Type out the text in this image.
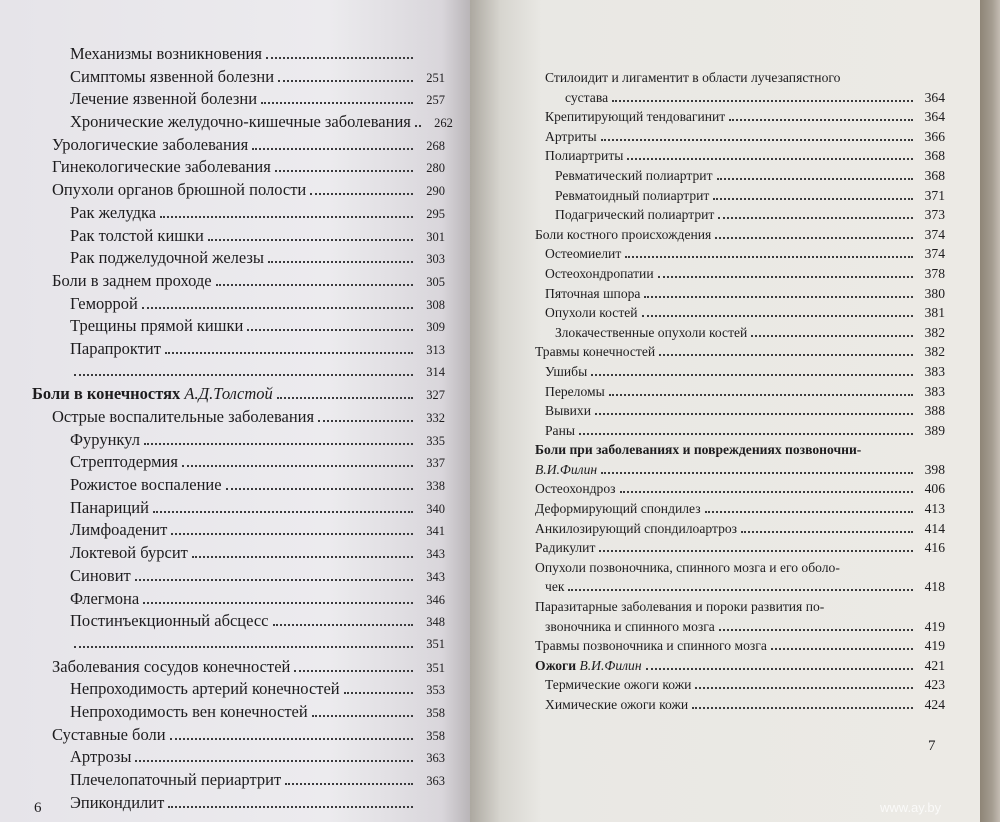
Механизмы возникновения
Симптомы язвенной болезни	251
Лечение язвенной болезни	257
Хронические желудочно-кишечные заболевания	262
Урологические заболевания	268
Гинекологические заболевания	280
Опухоли органов брюшной полости	290
Рак желудка	295
Рак толстой кишки	301
Рак поджелудочной железы	303
Боли в заднем проходе	305
Геморрой	308
Трещины прямой кишки	309
Парапроктит	313
314
Боли в конечностях А.Д.Толстой	327
Острые воспалительные заболевания	332
Фурункул	335
Стрептодермия	337
Рожистое воспаление	338
Панариций	340
Лимфоаденит	341
Локтевой бурсит	343
Синовит	343
Флегмона	346
Постинъекционный абсцесс	348
351
Заболевания сосудов конечностей	351
Непроходимость артерий конечностей	353
Непроходимость вен конечностей	358
Суставные боли	358
Артрозы	363
Плечелопаточный периартрит	363
Эпикондилит
6
7
Стилоидит и лигаментит в области лучезапястного
сустава	364
Крепитирующий тендовагинит	364
Артриты	366
Полиартриты	368
Ревматический полиартрит	368
Ревматоидный полиартрит	371
Подагрический полиартрит	373
Боли костного происхождения	374
Остеомиелит	374
Остеохондропатии	378
Пяточная шпора	380
Опухоли костей	381
Злокачественные опухоли костей	382
Травмы конечностей	382
Ушибы	383
Переломы	383
Вывихи	388
Раны	389
Боли при заболеваниях и повреждениях позвоночни-
В.И.Филин	398
Остеохондроз	406
Деформирующий спондилез	413
Анкилозирующий спондилоартроз	414
Радикулит	416
Опухоли позвоночника, спинного мозга и его оболо-
чек	418
Паразитарные заболевания и пороки развития по-
звоночника и спинного мозга	419
Травмы позвоночника и спинного мозга	419
Ожоги В.И.Филин	421
Термические ожоги кожи	423
Химические ожоги кожи	424
www.ay.by
